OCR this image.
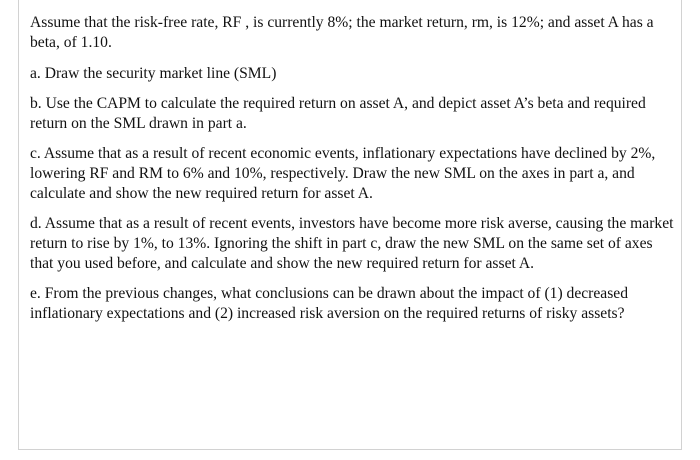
Assume that the risk-free rate, RF , is currently 8%; the market return, rm, is 12%; and asset A has a beta, of 1.10.

a. Draw the security market line (SML)

b. Use the CAPM to calculate the required return on asset A, and depict asset A’s beta and required return on the SML drawn in part a.

c. Assume that as a result of recent economic events, inflationary expectations have declined by 2%, lowering RF and RM to 6% and 10%, respectively. Draw the new SML on the axes in part a, and calculate and show the new required return for asset A.

d. Assume that as a result of recent events, investors have become more risk averse, causing the market return to rise by 1%, to 13%. Ignoring the shift in part c, draw the new SML on the same set of axes that you used before, and calculate and show the new required return for asset A.

e. From the previous changes, what conclusions can be drawn about the impact of (1) decreased inflationary expectations and (2) increased risk aversion on the required returns of risky assets?
